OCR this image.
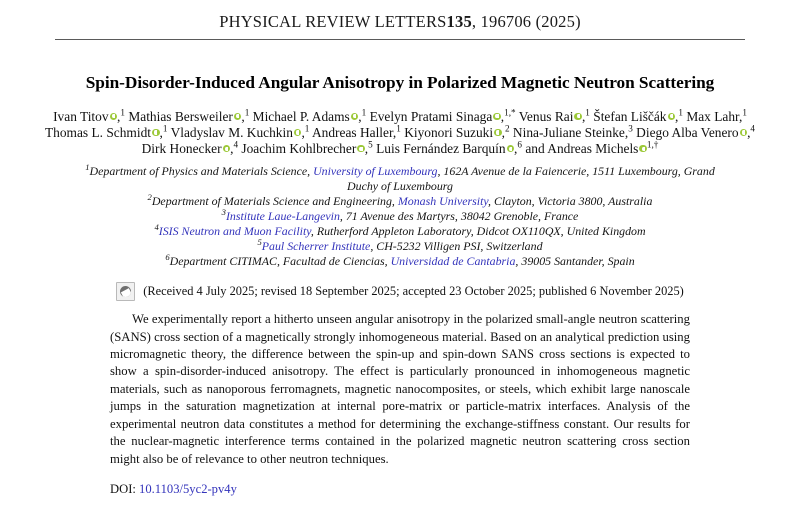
PHYSICAL REVIEW LETTERS135, 196706 (2025)
Spin-Disorder-Induced Angular Anisotropy in Polarized Magnetic Neutron Scattering
Ivan Titov ,$^1$ Mathias Bersweiler ,$^1$ Michael P. Adams ,$^1$ Evelyn Pratami Sinaga ,$^{1,*}$ Venus Rai ,$^1$ Štefan Liščák ,$^1$ Max Lahr,$^1$ Thomas L. Schmidt ,$^1$ Vladyslav M. Kuchkin ,$^1$ Andreas Haller,$^1$ Kiyonori Suzuki ,$^2$ Nina-Juliane Steinke,$^3$ Diego Alba Venero ,$^4$ Dirk Honecker ,$^4$ Joachim Kohlbrecher ,$^5$ Luis Fernández Barquín ,$^6$ and Andreas Michels $^{1,\dagger}$
$^1$Department of Physics and Materials Science, University of Luxembourg, 162A Avenue de la Faiencerie, 1511 Luxembourg, Grand Duchy of Luxembourg
$^2$Department of Materials Science and Engineering, Monash University, Clayton, Victoria 3800, Australia
$^3$Institute Laue-Langevin, 71 Avenue des Martyrs, 38042 Grenoble, France
$^4$ISIS Neutron and Muon Facility, Rutherford Appleton Laboratory, Didcot OX110QX, United Kingdom
$^5$Paul Scherrer Institute, CH-5232 Villigen PSI, Switzerland
$^6$Department CITIMAC, Facultad de Ciencias, Universidad de Cantabria, 39005 Santander, Spain
(Received 4 July 2025; revised 18 September 2025; accepted 23 October 2025; published 6 November 2025)

We experimentally report a hitherto unseen angular anisotropy in the polarized small-angle neutron scattering (SANS) cross section of a magnetically strongly inhomogeneous material. Based on an analytical prediction using micromagnetic theory, the difference between the spin-up and spin-down SANS cross sections is expected to show a spin-disorder-induced anisotropy. The effect is particularly pronounced in inhomogeneous magnetic materials, such as nanoporous ferromagnets, magnetic nanocomposites, or steels, which exhibit large nanoscale jumps in the saturation magnetization at internal pore-matrix or particle-matrix interfaces. Analysis of the experimental neutron data constitutes a method for determining the exchange-stiffness constant. Our results for the nuclear-magnetic interference terms contained in the polarized magnetic neutron scattering cross section might also be of relevance to other neutron techniques.

DOI: 10.1103/5yc2-pv4y
